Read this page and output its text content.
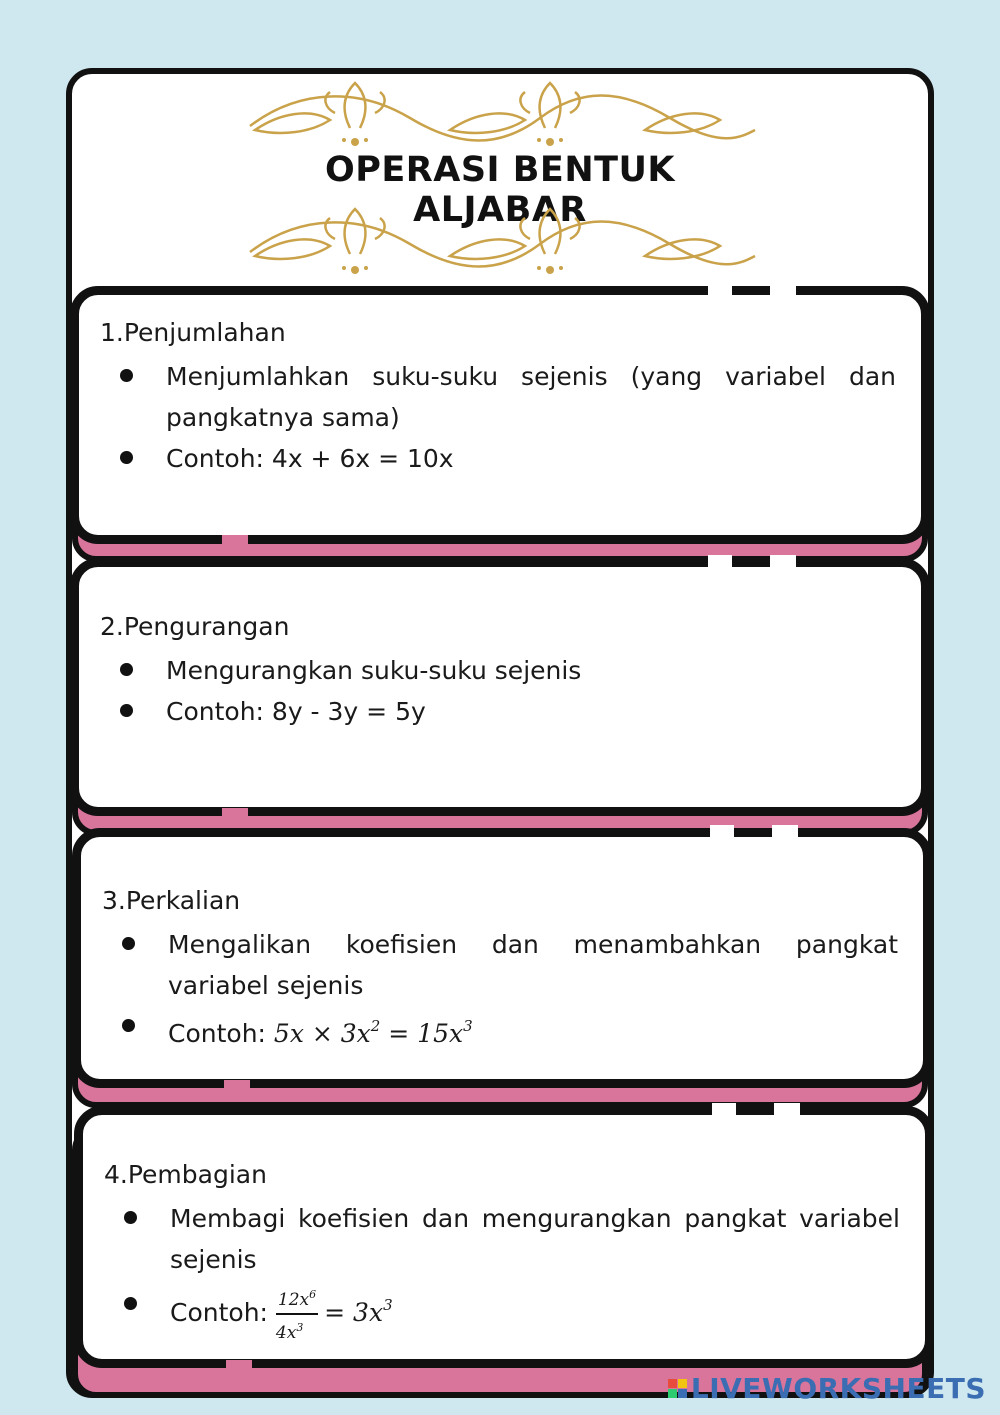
OPERASI BENTUK ALJABAR
1.Penjumlahan
Menjumlahkan suku-suku sejenis (yang variabel dan pangkatnya sama)
Contoh: 4x + 6x = 10x
2.Pengurangan
Mengurangkan suku-suku sejenis
Contoh: 8y - 3y = 5y
3.Perkalian
Mengalikan koefisien dan menambahkan pangkat variabel sejenis
Contoh: $5x \times 3x^2 = 15x^3$
4.Pembagian
Membagi koefisien dan mengurangkan pangkat variabel sejenis
Contoh: $\frac{12x^6}{4x^3} = 3x^3$
LIVEWORKSHEETS
